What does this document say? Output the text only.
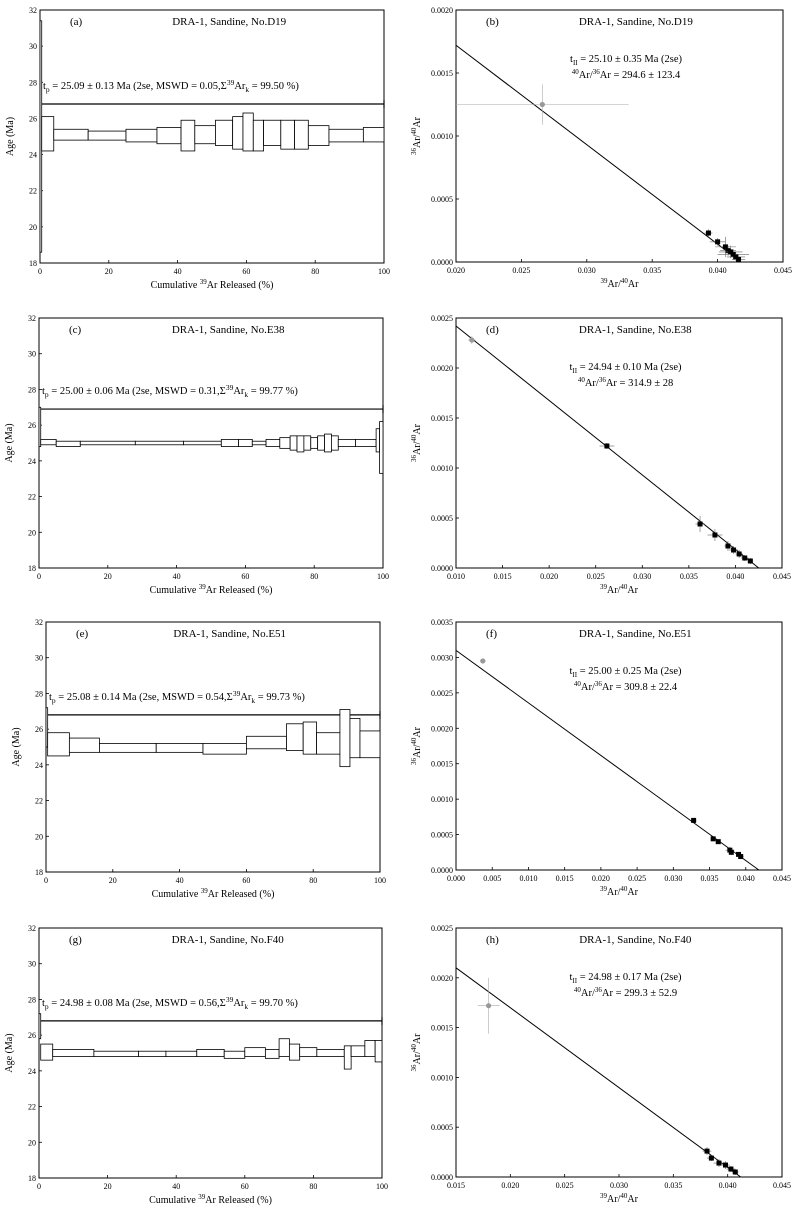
0	20	40	60	80	100
18
20
22
24
26
28
30
32
(a)	DRA-1, Sandine, No.D19
$t_p = 25.09 \pm 0.13$ Ma (2se, MSWD = $0.05,\Sigma^{39}Ar_k = 99.50$ %)
Cumulative $^{39}$Ar Released (%)
Age (Ma)
0.020	0.025	0.030	0.035	0.040	0.045
0.0000
0.0005
0.0010
0.0015
0.0020
(b)	DRA-1, Sandine, No.D19
$t_{II} = 25.10 \pm 0.35$ Ma (2se)
$^{40}$Ar/$^{36}$Ar = 294.6 ± 123.4
$^{39}$Ar/$^{40}$Ar
$^{36}$Ar/$^{40}$Ar
0	20	40	60	80	100
18
20
22
24
26
28
30
32
(c)	DRA-1, Sandine, No.E38
$t_p = 25.00 \pm 0.06$ Ma (2se, MSWD = $0.31,\Sigma^{39}Ar_k = 99.77$ %)
Cumulative $^{39}$Ar Released (%)
Age (Ma)
0.010	0.015	0.020	0.025	0.030	0.035	0.040	0.045
0.0000
0.0005
0.0010
0.0015
0.0020
0.0025
(d)	DRA-1, Sandine, No.E38
$t_{II} = 24.94 \pm 0.10$ Ma (2se)
$^{40}$Ar/$^{36}$Ar = 314.9 ± 28
$^{39}$Ar/$^{40}$Ar
$^{36}$Ar/$^{40}$Ar
0	20	40	60	80	100
18
20
22
24
26
28
30
32
(e)	DRA-1, Sandine, No.E51
$t_p = 25.08 \pm 0.14$ Ma (2se, MSWD = $0.54,\Sigma^{39}Ar_k = 99.73$ %)
Cumulative $^{39}$Ar Released (%)
Age (Ma)
0.000 0.005 0.010 0.015 0.020 0.025 0.030 0.035 0.040 0.045
0.0000
0.0005
0.0010
0.0015
0.0020
0.0025
0.0030
0.0035
(f)	DRA-1, Sandine, No.E51
$t_{II} = 25.00 \pm 0.25$ Ma (2se)
$^{40}$Ar/$^{36}$Ar = 309.8 ± 22.4
$^{39}$Ar/$^{40}$Ar
$^{36}$Ar/$^{40}$Ar
0	20	40	60	80	100
18
20
22
24
26
28
30
32
(g)	DRA-1, Sandine, No.F40
$t_p = 24.98 \pm 0.08$ Ma (2se, MSWD = $0.56,\Sigma^{39}Ar_k = 99.70$ %)
Cumulative $^{39}$Ar Released (%)
Age (Ma)
0.015	0.020	0.025	0.030	0.035	0.040	0.045
0.0000
0.0005
0.0010
0.0015
0.0020
0.0025
(h)	DRA-1, Sandine, No.F40
$t_{II} = 24.98 \pm 0.17$ Ma (2se)
$^{40}$Ar/$^{36}$Ar = 299.3 ± 52.9
$^{39}$Ar/$^{40}$Ar
$^{36}$Ar/$^{40}$Ar
